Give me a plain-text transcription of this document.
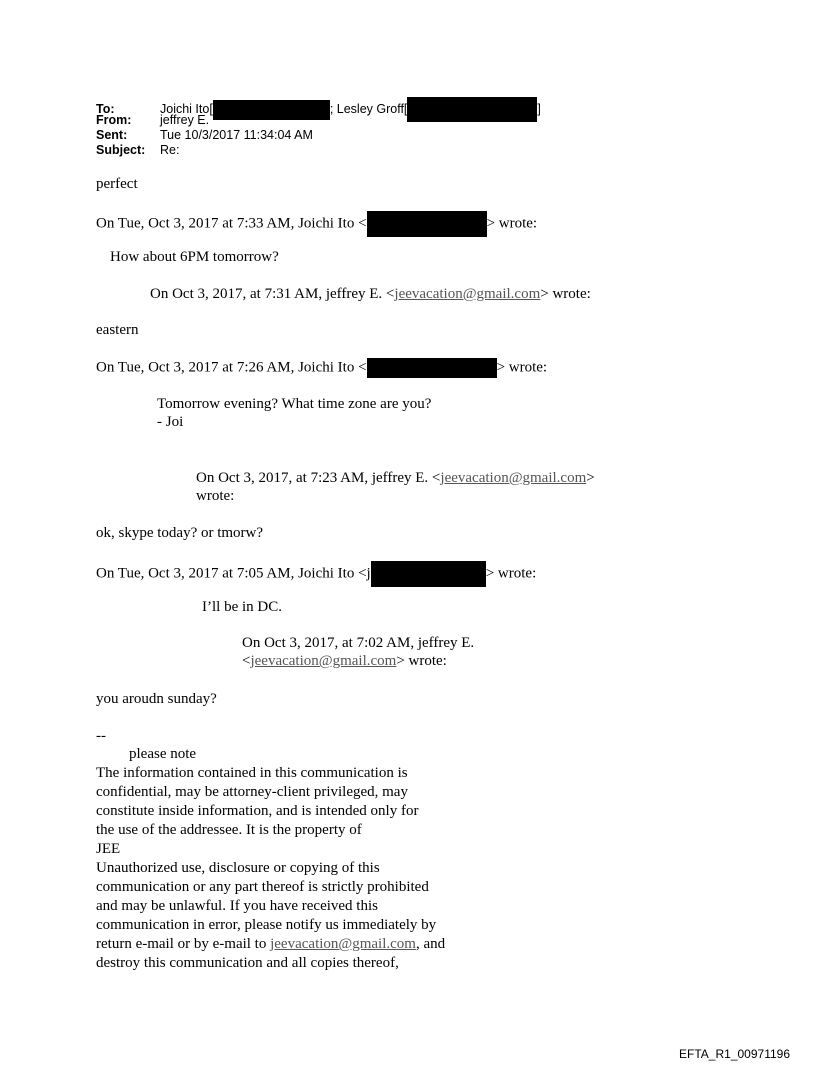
To:	Joichi Ito[	; Lesley Groff[	]
From: jeffrey E.
Sent:	Tue 10/3/2017 11:34:04 AM
Subject: Re:
perfect
On Tue, Oct 3, 2017 at 7:33 AM, Joichi Ito <	> wrote:
How about 6PM tomorrow?
On Oct 3, 2017, at 7:31 AM, jeffrey E. <jeevacation@gmail.com> wrote:
eastern
On Tue, Oct 3, 2017 at 7:26 AM, Joichi Ito <	> wrote:
Tomorrow evening? What time zone are you?
- Joi
On Oct 3, 2017, at 7:23 AM, jeffrey E. <jeevacation@gmail.com>
wrote:
ok, skype today? or tmorw?
On Tue, Oct 3, 2017 at 7:05 AM, Joichi Ito <j	> wrote:
I’ll be in DC.
On Oct 3, 2017, at 7:02 AM, jeffrey E.
<jeevacation@gmail.com> wrote:
you aroudn sunday?
--
please note
The information contained in this communication is
confidential, may be attorney-client privileged, may
constitute inside information, and is intended only for
the use of the addressee. It is the property of
JEE
Unauthorized use, disclosure or copying of this
communication or any part thereof is strictly prohibited
and may be unlawful. If you have received this
communication in error, please notify us immediately by
return e-mail or by e-mail to jeevacation@gmail.com, and
destroy this communication and all copies thereof,
EFTA_R1_00971196
